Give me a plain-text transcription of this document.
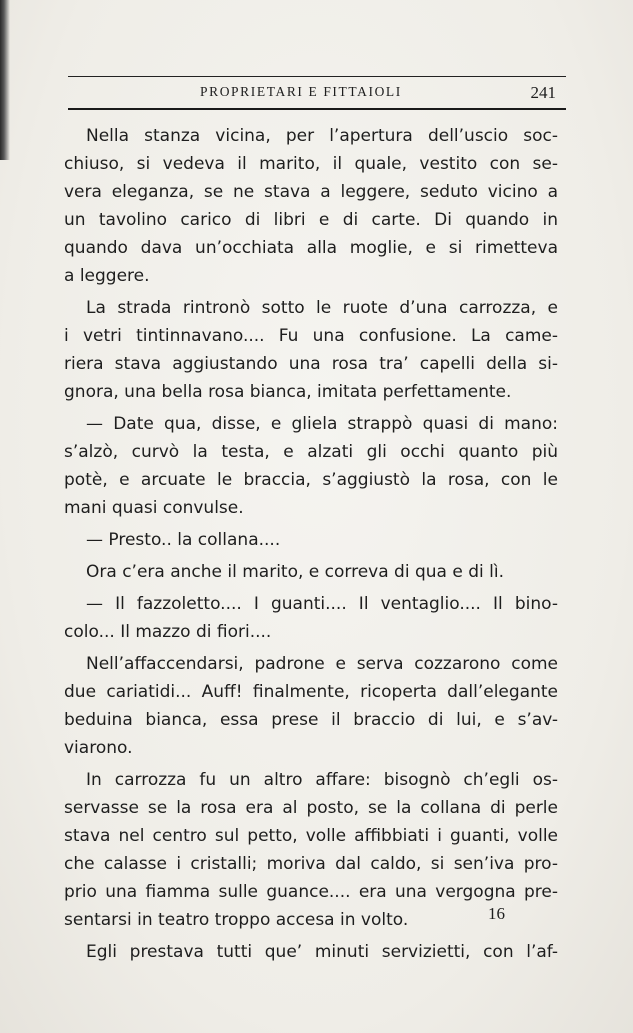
PROPRIETARI E FITTAIOLI	241
Nella stanza vicina, per l’apertura dell’uscio soc-
chiuso, si vedeva il marito, il quale, vestito con se-
vera eleganza, se ne stava a leggere, seduto vicino a
un tavolino carico di libri e di carte. Di quando in
quando dava un’occhiata alla moglie, e si rimetteva
a leggere.
La strada rintronò sotto le ruote d’una carrozza, e
i vetri tintinnavano.... Fu una confusione. La came-
riera stava aggiustando una rosa tra’ capelli della si-
gnora, una bella rosa bianca, imitata perfettamente.
— Date qua, disse, e gliela strappò quasi di mano:
s’alzò, curvò la testa, e alzati gli occhi quanto più
potè, e arcuate le braccia, s’aggiustò la rosa, con le
mani quasi convulse.
— Presto.. la collana....
Ora c’era anche il marito, e correva di qua e di lì.
— Il fazzoletto.... I guanti.... Il ventaglio.... Il bino-
colo... Il mazzo di fiori....
Nell’affaccendarsi, padrone e serva cozzarono come
due cariatidi... Auff! finalmente, ricoperta dall’elegante
beduina bianca, essa prese il braccio di lui, e s’av-
viarono.
In carrozza fu un altro affare: bisognò ch’egli os-
servasse se la rosa era al posto, se la collana di perle
stava nel centro sul petto, volle affibbiati i guanti, volle
che calasse i cristalli; moriva dal caldo, si sen’iva pro-
prio una fiamma sulle guance.... era una vergogna pre-
sentarsi in teatro troppo accesa in volto.
Egli prestava tutti que’ minuti servizietti, con l’af-
16
